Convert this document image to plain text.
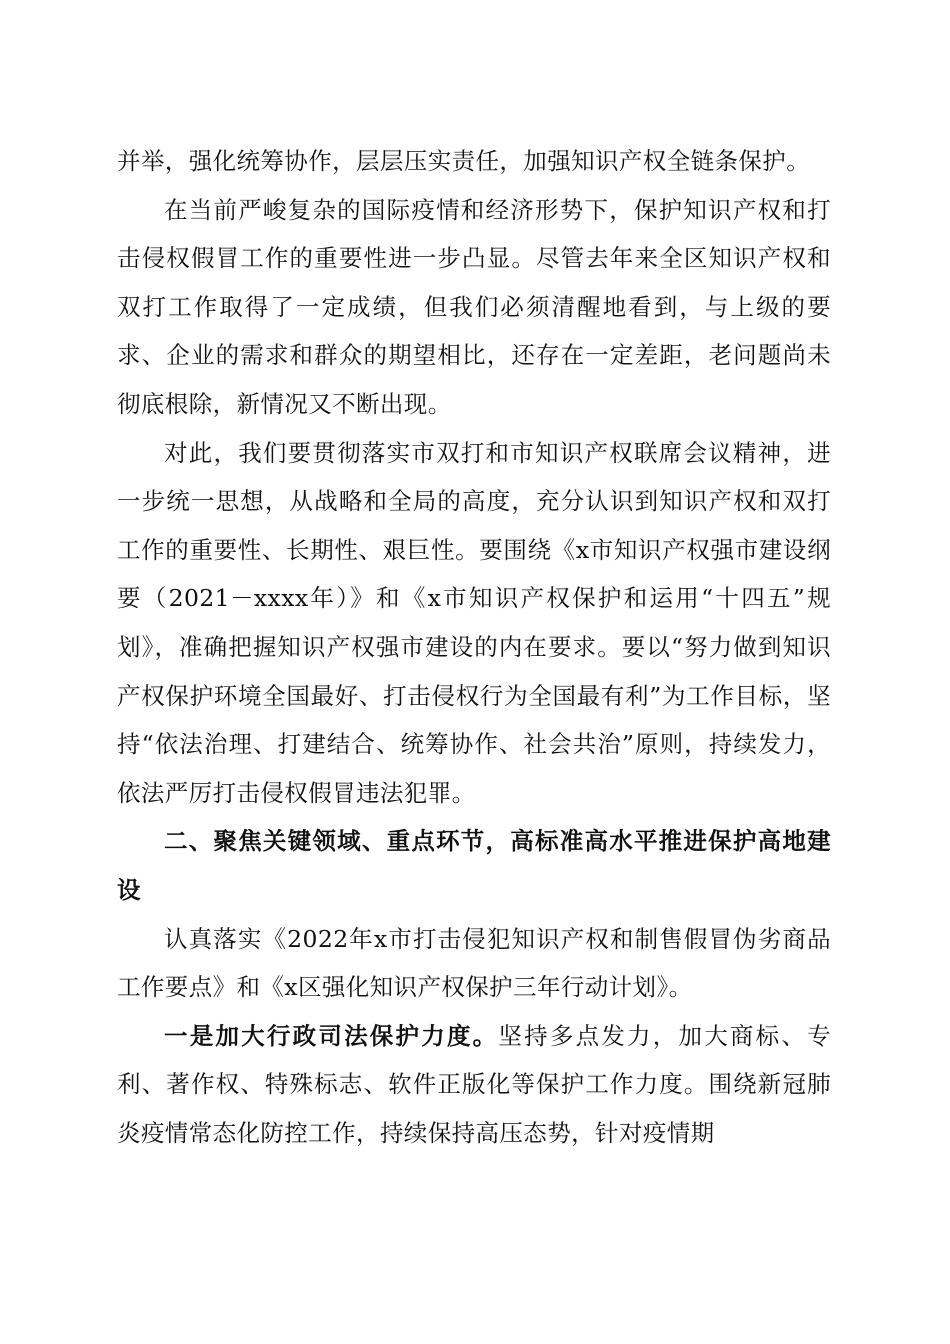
并举，强化统筹协作，层层压实责任，加强知识产权全链条保护。

在当前严峻复杂的国际疫情和经济形势下，保护知识产权和打击侵权假冒工作的重要性进一步凸显。尽管去年来全区知识产权和双打工作取得了一定成绩，但我们必须清醒地看到，与上级的要求、企业的需求和群众的期望相比，还存在一定差距，老问题尚未彻底根除，新情况又不断出现。

对此，我们要贯彻落实市双打和市知识产权联席会议精神，进一步统一思想，从战略和全局的高度，充分认识到知识产权和双打工作的重要性、长期性、艰巨性。要围绕《x市知识产权强市建设纲要（2021－xxxx年）》和《x市知识产权保护和运用“十四五”规划》，准确把握知识产权强市建设的内在要求。要以“努力做到知识产权保护环境全国最好、打击侵权行为全国最有利”为工作目标，坚持“依法治理、打建结合、统筹协作、社会共治”原则，持续发力，依法严厉打击侵权假冒违法犯罪。

二、聚焦关键领域、重点环节，高标准高水平推进保护高地建设

认真落实《2022年x市打击侵犯知识产权和制售假冒伪劣商品工作要点》和《x区强化知识产权保护三年行动计划》。

一是加大行政司法保护力度。坚持多点发力，加大商标、专利、著作权、特殊标志、软件正版化等保护工作力度。围绕新冠肺炎疫情常态化防控工作，持续保持高压态势，针对疫情期
